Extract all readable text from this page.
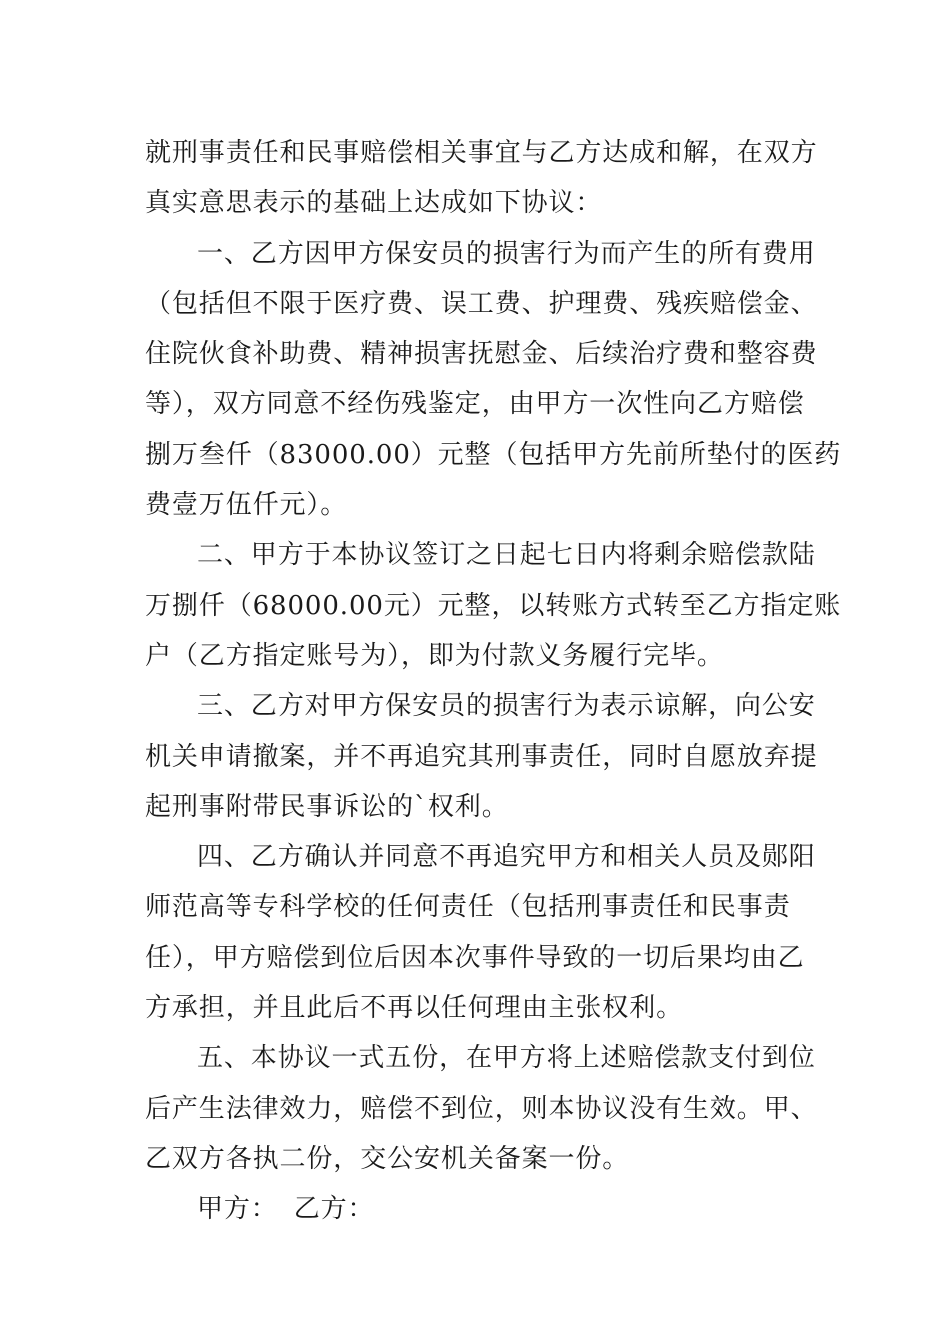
就刑事责任和民事赔偿相关事宜与乙方达成和解，在双方
真实意思表示的基础上达成如下协议：
一、乙方因甲方保安员的损害行为而产生的所有费用
（包括但不限于医疗费、误工费、护理费、残疾赔偿金、
住院伙食补助费、精神损害抚慰金、后续治疗费和整容费
等），双方同意不经伤残鉴定，由甲方一次性向乙方赔偿
捌万叁仟（83000.00）元整（包括甲方先前所垫付的医药
费壹万伍仟元）。
二、甲方于本协议签订之日起七日内将剩余赔偿款陆
万捌仟（68000.00元）元整，以转账方式转至乙方指定账
户（乙方指定账号为），即为付款义务履行完毕。
三、乙方对甲方保安员的损害行为表示谅解，向公安
机关申请撤案，并不再追究其刑事责任，同时自愿放弃提
起刑事附带民事诉讼的`权利。
四、乙方确认并同意不再追究甲方和相关人员及郧阳
师范高等专科学校的任何责任（包括刑事责任和民事责
任），甲方赔偿到位后因本次事件导致的一切后果均由乙
方承担，并且此后不再以任何理由主张权利。
五、本协议一式五份，在甲方将上述赔偿款支付到位
后产生法律效力，赔偿不到位，则本协议没有生效。甲、
乙双方各执二份，交公安机关备案一份。
甲方： 乙方：
